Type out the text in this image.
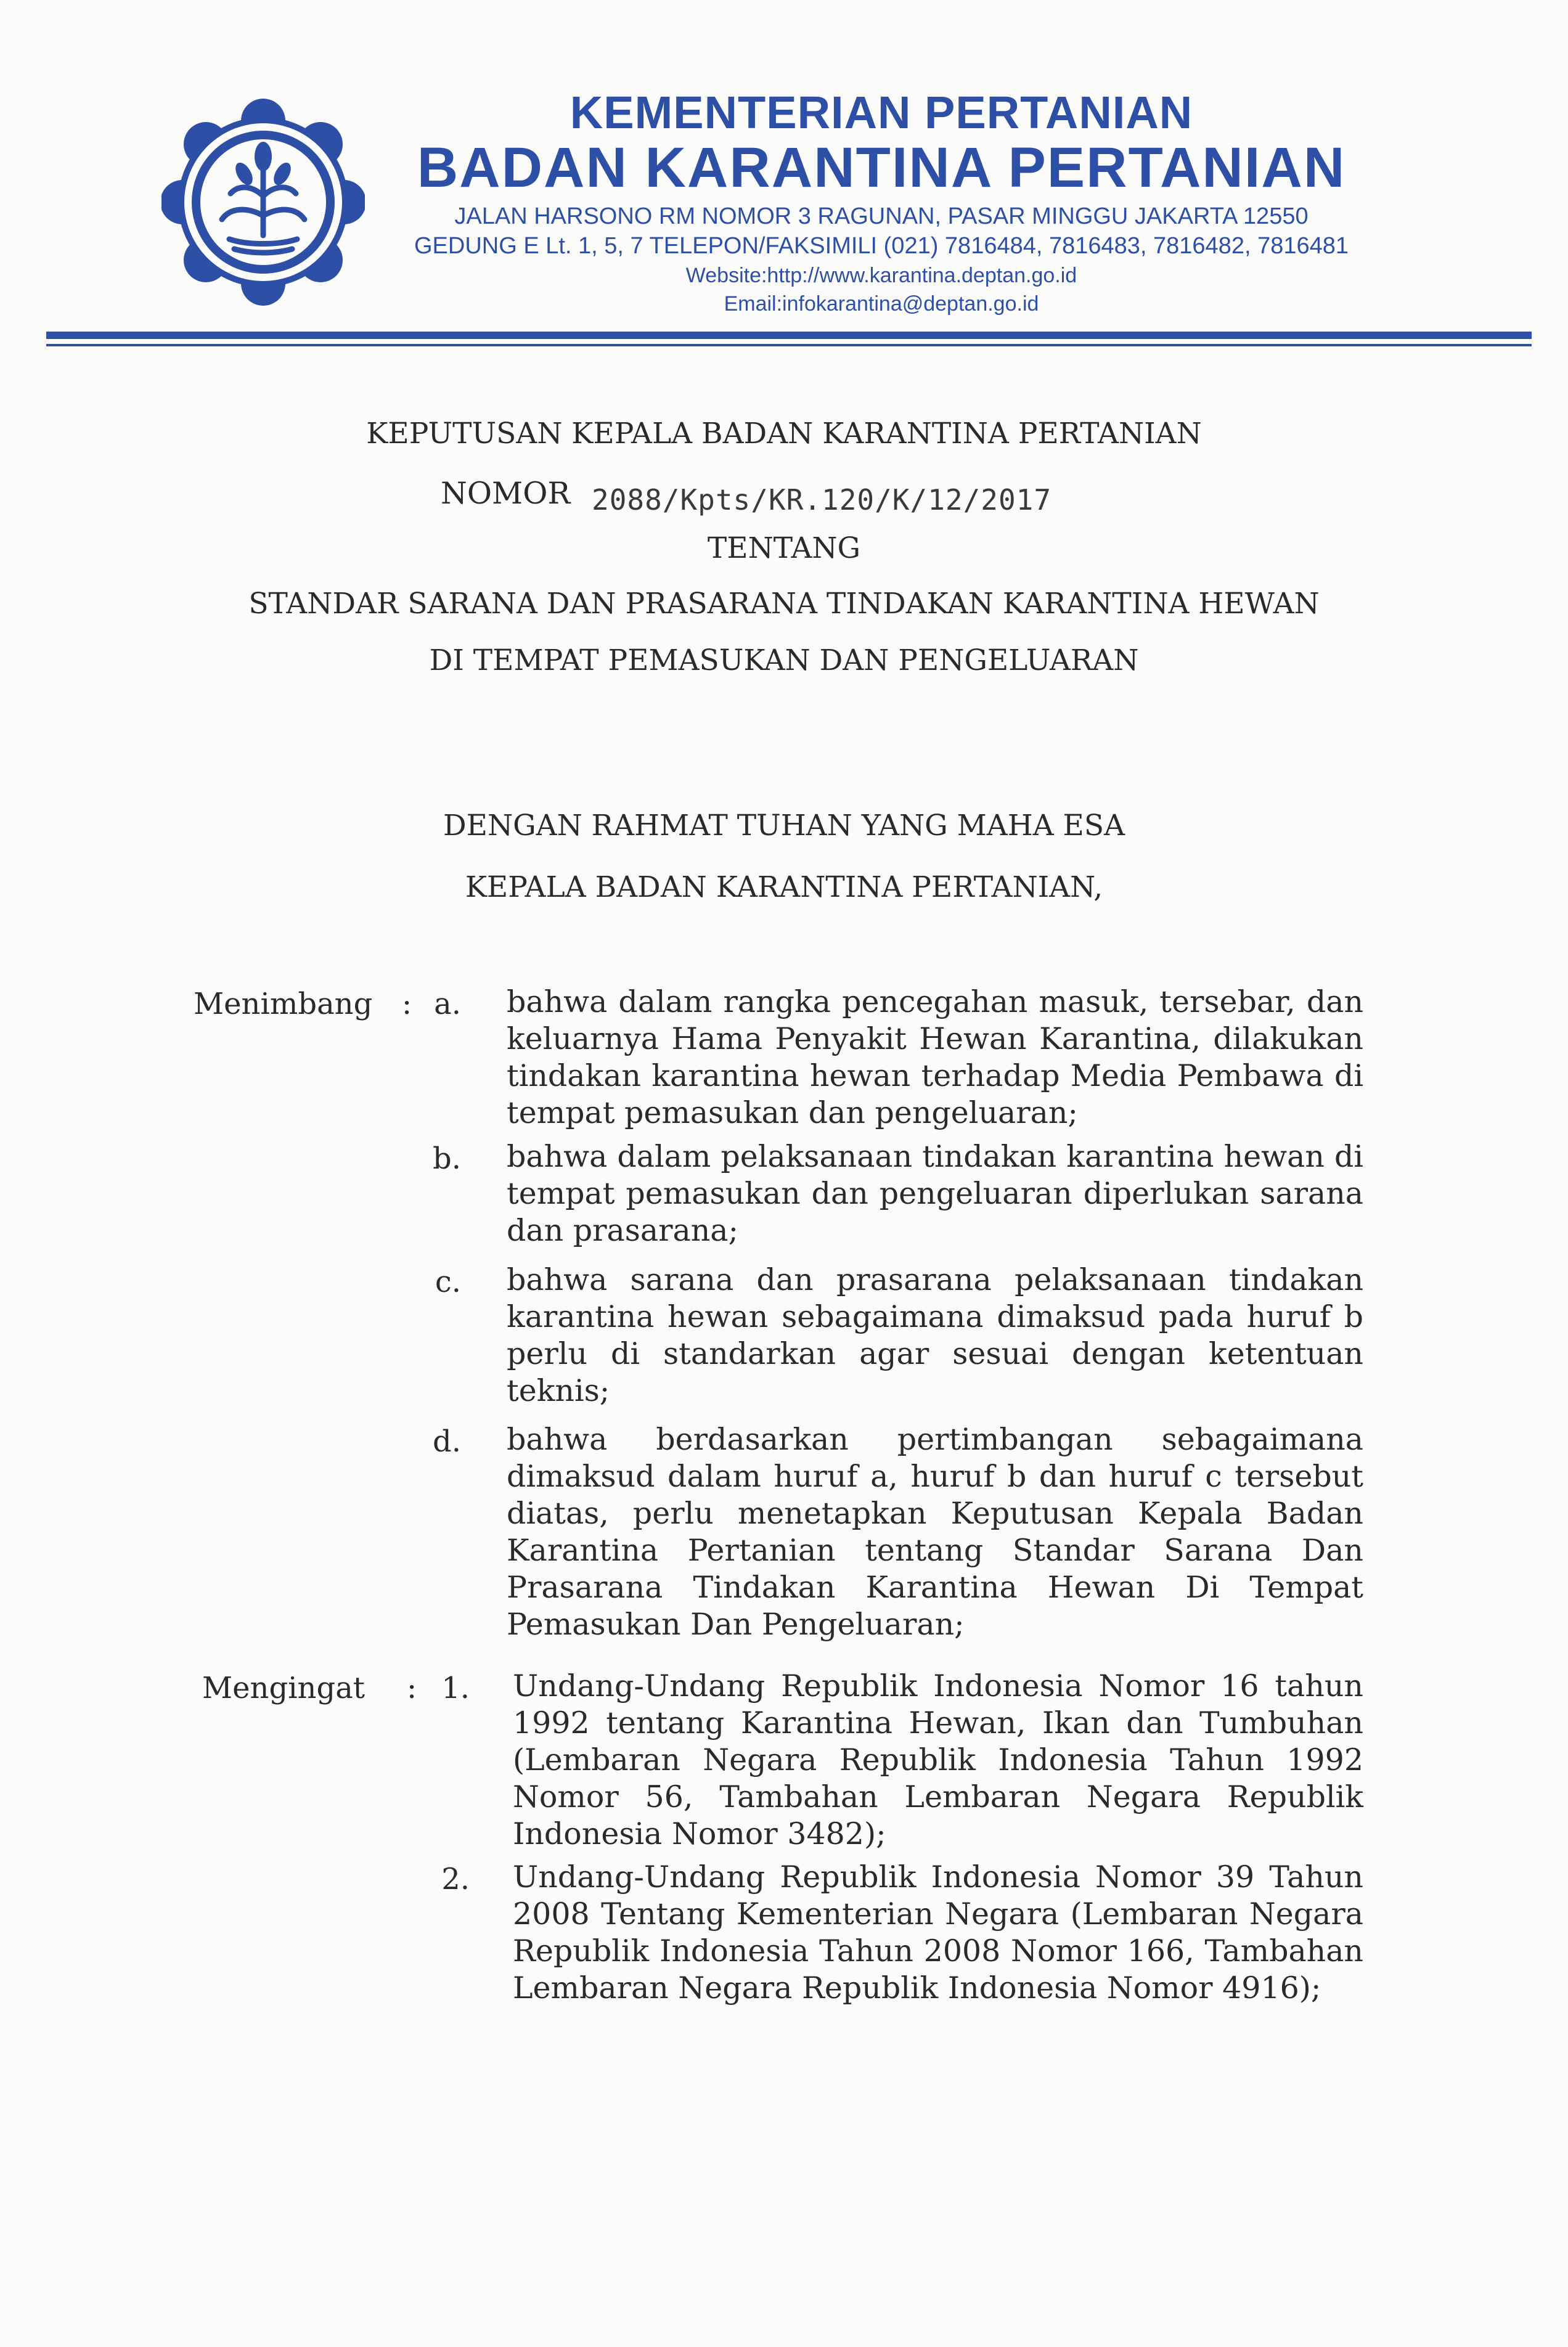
KEMENTERIAN PERTANIAN
BADAN KARANTINA PERTANIAN
JALAN HARSONO RM NOMOR 3 RAGUNAN, PASAR MINGGU JAKARTA 12550
GEDUNG E Lt. 1, 5, 7 TELEPON/FAKSIMILI (021) 7816484, 7816483, 7816482, 7816481
Website:http://www.karantina.deptan.go.id
Email:infokarantina@deptan.go.id
KEPUTUSAN KEPALA BADAN KARANTINA PERTANIAN
NOMOR 2088/Kpts/KR.120/K/12/2017
TENTANG
STANDAR SARANA DAN PRASARANA TINDAKAN KARANTINA HEWAN
DI TEMPAT PEMASUKAN DAN PENGELUARAN
DENGAN RAHMAT TUHAN YANG MAHA ESA
KEPALA BADAN KARANTINA PERTANIAN,
Menimbang : a. bahwa dalam rangka pencegahan masuk, tersebar, dan keluarnya Hama Penyakit Hewan Karantina, dilakukan tindakan karantina hewan terhadap Media Pembawa di tempat pemasukan dan pengeluaran;
b. bahwa dalam pelaksanaan tindakan karantina hewan di tempat pemasukan dan pengeluaran diperlukan sarana dan prasarana;
c. bahwa sarana dan prasarana pelaksanaan tindakan karantina hewan sebagaimana dimaksud pada huruf b perlu di standarkan agar sesuai dengan ketentuan teknis;
d. bahwa berdasarkan pertimbangan sebagaimana dimaksud dalam huruf a, huruf b dan huruf c tersebut diatas, perlu menetapkan Keputusan Kepala Badan Karantina Pertanian tentang Standar Sarana Dan Prasarana Tindakan Karantina Hewan Di Tempat Pemasukan Dan Pengeluaran;
Mengingat : 1. Undang-Undang Republik Indonesia Nomor 16 tahun 1992 tentang Karantina Hewan, Ikan dan Tumbuhan (Lembaran Negara Republik Indonesia Tahun 1992 Nomor 56, Tambahan Lembaran Negara Republik Indonesia Nomor 3482);
2. Undang-Undang Republik Indonesia Nomor 39 Tahun 2008 Tentang Kementerian Negara (Lembaran Negara Republik Indonesia Tahun 2008 Nomor 166, Tambahan Lembaran Negara Republik Indonesia Nomor 4916);
